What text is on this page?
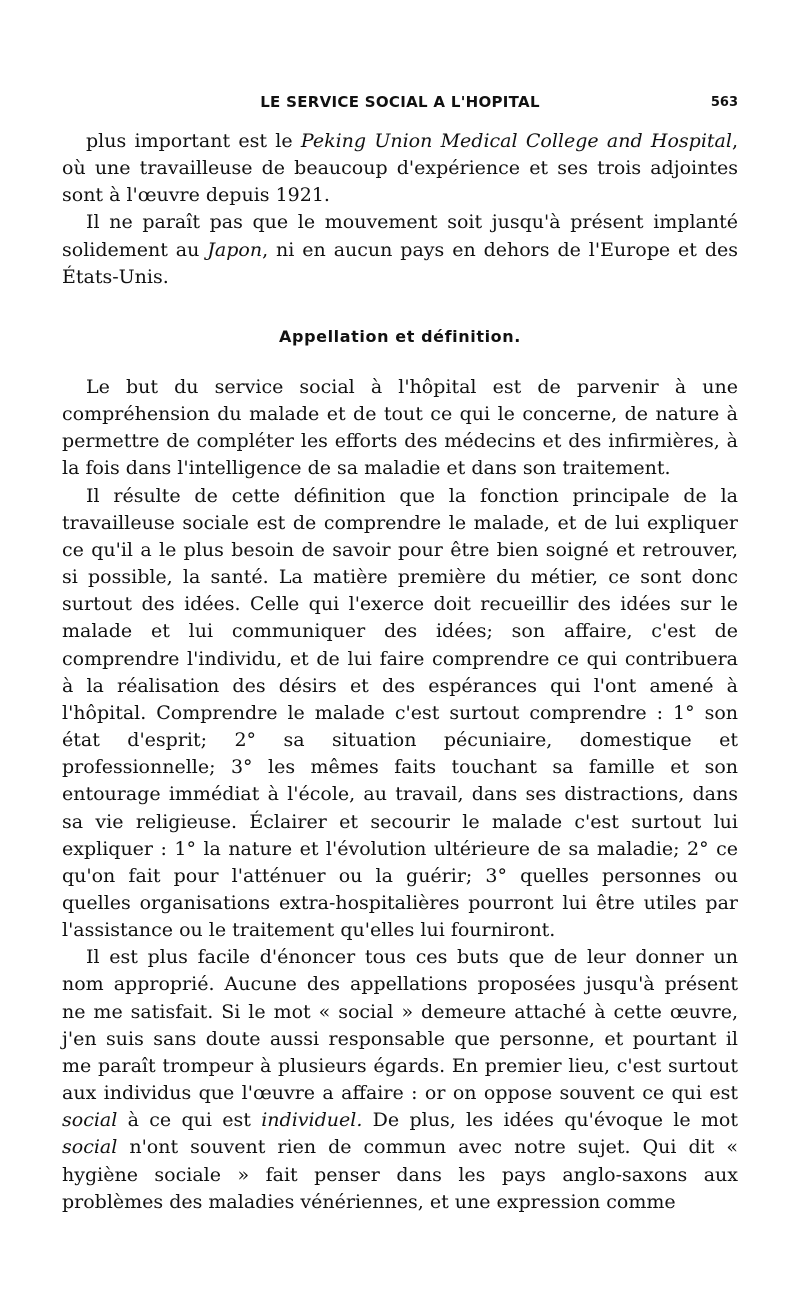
LE SERVICE SOCIAL A L'HOPITAL	563

plus important est le Peking Union Medical College and Hospital, où une travailleuse de beaucoup d'expérience et ses trois adjointes sont à l'œuvre depuis 1921.

Il ne paraît pas que le mouvement soit jusqu'à présent implanté solidement au Japon, ni en aucun pays en dehors de l'Europe et des États-Unis.

Appellation et définition.

Le but du service social à l'hôpital est de parvenir à une compréhension du malade et de tout ce qui le concerne, de nature à permettre de compléter les efforts des médecins et des infirmières, à la fois dans l'intelligence de sa maladie et dans son traitement.

Il résulte de cette définition que la fonction principale de la travailleuse sociale est de comprendre le malade, et de lui expliquer ce qu'il a le plus besoin de savoir pour être bien soigné et retrouver, si possible, la santé. La matière première du métier, ce sont donc surtout des idées. Celle qui l'exerce doit recueillir des idées sur le malade et lui communiquer des idées; son affaire, c'est de comprendre l'individu, et de lui faire comprendre ce qui contribuera à la réalisation des désirs et des espérances qui l'ont amené à l'hôpital. Comprendre le malade c'est surtout comprendre : 1° son état d'esprit; 2° sa situation pécuniaire, domestique et professionnelle; 3° les mêmes faits touchant sa famille et son entourage immédiat à l'école, au travail, dans ses distractions, dans sa vie religieuse. Éclairer et secourir le malade c'est surtout lui expliquer : 1° la nature et l'évolution ultérieure de sa maladie; 2° ce qu'on fait pour l'atténuer ou la guérir; 3° quelles personnes ou quelles organisations extra-hospitalières pourront lui être utiles par l'assistance ou le traitement qu'elles lui fourniront.

Il est plus facile d'énoncer tous ces buts que de leur donner un nom approprié. Aucune des appellations proposées jusqu'à présent ne me satisfait. Si le mot « social » demeure attaché à cette œuvre, j'en suis sans doute aussi responsable que personne, et pourtant il me paraît trompeur à plusieurs égards. En premier lieu, c'est surtout aux individus que l'œuvre a affaire : or on oppose souvent ce qui est social à ce qui est individuel. De plus, les idées qu'évoque le mot social n'ont souvent rien de commun avec notre sujet. Qui dit « hygiène sociale » fait penser dans les pays anglo-saxons aux problèmes des maladies vénériennes, et une expression comme
